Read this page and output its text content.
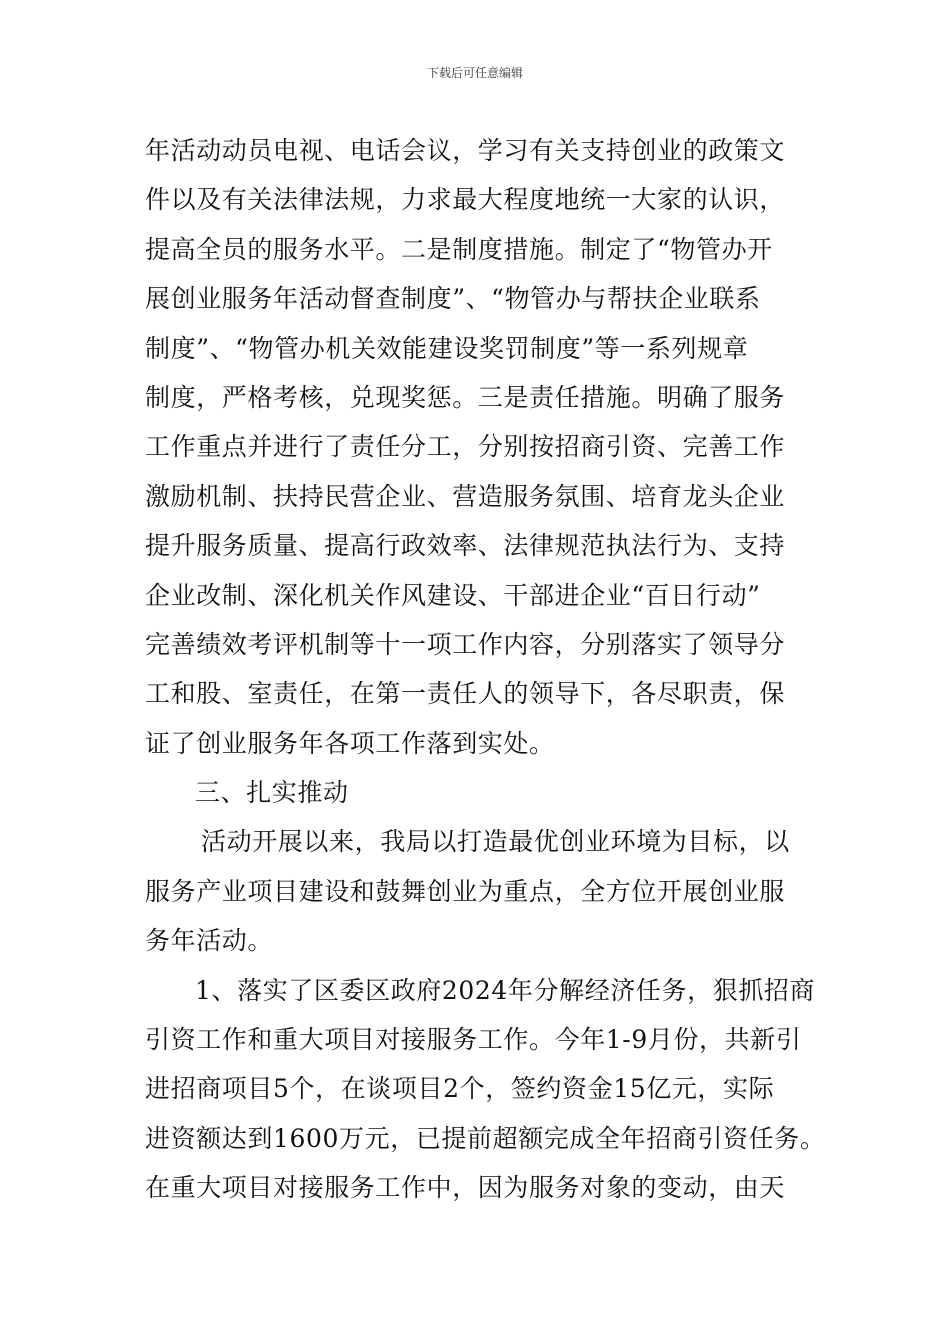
下载后可任意编辑
年活动动员电视、电话会议，学习有关支持创业的政策文
件以及有关法律法规，力求最大程度地统一大家的认识，
提高全员的服务水平。二是制度措施。制定了“物管办开
展创业服务年活动督查制度”、“物管办与帮扶企业联系
制度”、“物管办机关效能建设奖罚制度”等一系列规章
制度，严格考核，兑现奖惩。三是责任措施。明确了服务
工作重点并进行了责任分工，分别按招商引资、完善工作
激励机制、扶持民营企业、营造服务氛围、培育龙头企业
提升服务质量、提高行政效率、法律规范执法行为、支持
企业改制、深化机关作风建设、干部进企业“百日行动”
完善绩效考评机制等十一项工作内容，分别落实了领导分
工和股、室责任，在第一责任人的领导下，各尽职责，保
证了创业服务年各项工作落到实处。
三、扎实推动
活动开展以来，我局以打造最优创业环境为目标，以
服务产业项目建设和鼓舞创业为重点，全方位开展创业服
务年活动。
1、落实了区委区政府2024年分解经济任务，狠抓招商
引资工作和重大项目对接服务工作。今年1-9月份，共新引
进招商项目5个，在谈项目2个，签约资金15亿元，实际
进资额达到1600万元，已提前超额完成全年招商引资任务。
在重大项目对接服务工作中，因为服务对象的变动，由天
